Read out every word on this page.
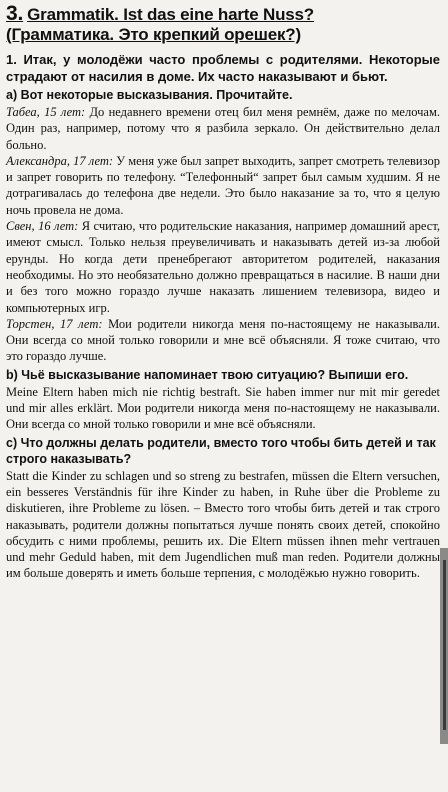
3. Grammatik. Ist das eine harte Nuss?
(Грамматика. Это крепкий орешек?)

1. Итак, у молодёжи часто проблемы с родителями. Некоторые страдают от насилия в доме. Их часто наказывают и бьют.

а) Вот некоторые высказывания. Прочитайте.

Табеа, 15 лет: До недавнего времени отец бил меня ремнём, даже по мелочам. Один раз, например, потому что я разбила зеркало. Он действительно делал больно.

Александра, 17 лет: У меня уже был запрет выходить, запрет смотреть телевизор и запрет говорить по телефону. “Телефонный“ запрет был самым худшим. Я не дотрагивалась до телефона две недели. Это было наказание за то, что я целую ночь провела не дома.

Свен, 16 лет: Я считаю, что родительские наказания, например домашний арест, имеют смысл. Только нельзя преувеличивать и наказывать детей из-за любой ерунды. Но когда дети пренебрегают авторитетом родителей, наказания необходимы. Но это необязательно должно превращаться в насилие. В наши дни и без того можно гораздо лучше наказать лишением телевизора, видео и компьютерных игр.

Торстен, 17 лет: Мои родители никогда меня по-настоящему не наказывали. Они всегда со мной только говорили и мне всё объясняли. Я тоже считаю, что это гораздо лучше.

b) Чьё высказывание напоминает твою ситуацию? Выпиши его.

Meine Eltern haben mich nie richtig bestraft. Sie haben immer nur mit mir geredet und mir alles erklärt. Мои родители никогда меня по-настоящему не наказывали. Они всегда со мной только говорили и мне всё объясняли.

c) Что должны делать родители, вместо того чтобы бить детей и так строго наказывать?

Statt die Kinder zu schlagen und so streng zu bestrafen, müssen die Eltern versuchen, ein besseres Verständnis für ihre Kinder zu haben, in Ruhe über die Probleme zu diskutieren, ihre Probleme zu lösen. – Вместо того чтобы бить детей и так строго наказывать, родители должны попытаться лучше понять своих детей, спокойно обсудить с ними проблемы, решить их. Die Eltern müssen ihnen mehr vertrauen und mehr Geduld haben, mit dem Jugendlichen muß man reden. Родители должны им больше доверять и иметь больше терпения, с молодёжью нужно говорить.
